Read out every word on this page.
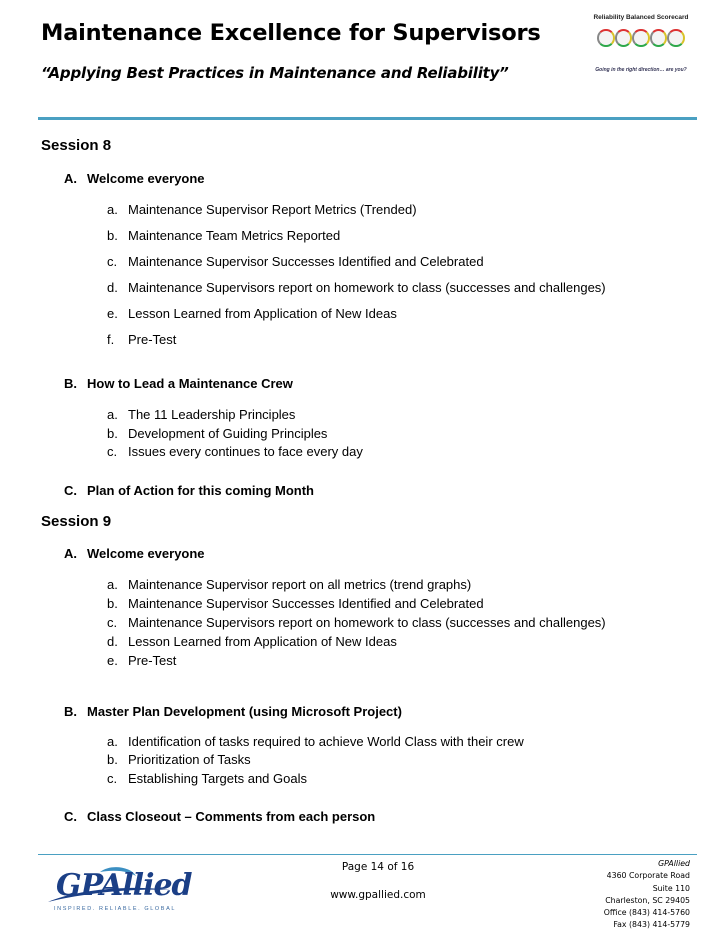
Maintenance Excellence for Supervisors
“Applying Best Practices in Maintenance and Reliability”
Reliability Balanced Scorecard
Going in the right direction… are you?
Session 8
A. Welcome everyone
a. Maintenance Supervisor Report Metrics (Trended)
b. Maintenance Team Metrics Reported
c. Maintenance Supervisor Successes Identified and Celebrated
d. Maintenance Supervisors report on homework to class (successes and challenges)
e. Lesson Learned from Application of New Ideas
f. Pre-Test
B. How to Lead a Maintenance Crew
a. The 11 Leadership Principles
b. Development of Guiding Principles
c. Issues every continues to face every day
C. Plan of Action for this coming Month
Session 9
A. Welcome everyone
a. Maintenance Supervisor report on all metrics (trend graphs)
b. Maintenance Supervisor Successes Identified and Celebrated
c. Maintenance Supervisors report on homework to class (successes and challenges)
d. Lesson Learned from Application of New Ideas
e. Pre-Test
B. Master Plan Development (using Microsoft Project)
a. Identification of tasks required to achieve World Class with their crew
b. Prioritization of Tasks
c. Establishing Targets and Goals
C. Class Closeout – Comments from each person
GPAllied
INSPIRED. RELIABLE. GLOBAL
Page 14 of 16
www.gpallied.com
GPAllied
4360 Corporate Road
Suite 110
Charleston, SC 29405
Office (843) 414-5760
Fax (843) 414-5779
